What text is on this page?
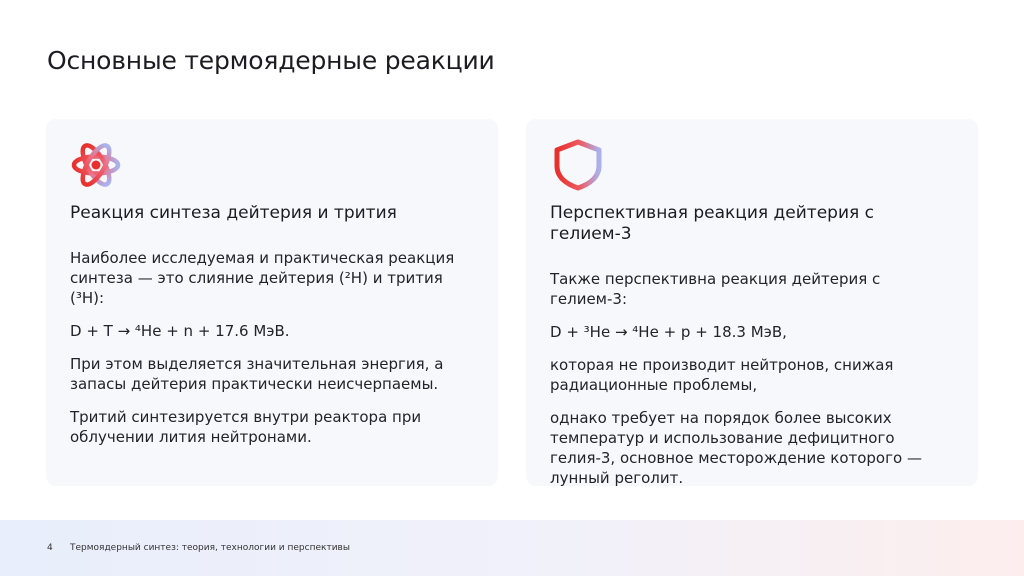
Основные термоядерные реакции
Реакция синтеза дейтерия и трития

Наиболее исследуемая и практическая реакция синтеза — это слияние дейтерия (²H) и трития (³H):

D + T → ⁴He + n + 17.6 МэВ.

При этом выделяется значительная энергия, а запасы дейтерия практически неисчерпаемы.

Тритий синтезируется внутри реактора при облучении лития нейтронами.

Перспективная реакция дейтерия с гелием-3

Также перспективна реакция дейтерия с гелием-3:

D + ³He → ⁴He + p + 18.3 МэВ,

которая не производит нейтронов, снижая радиационные проблемы,

однако требует на порядок более высоких температур и использование дефицитного гелия-3, основное месторождение которого — лунный реголит.

4 Термоядерный синтез: теория, технологии и перспективы
